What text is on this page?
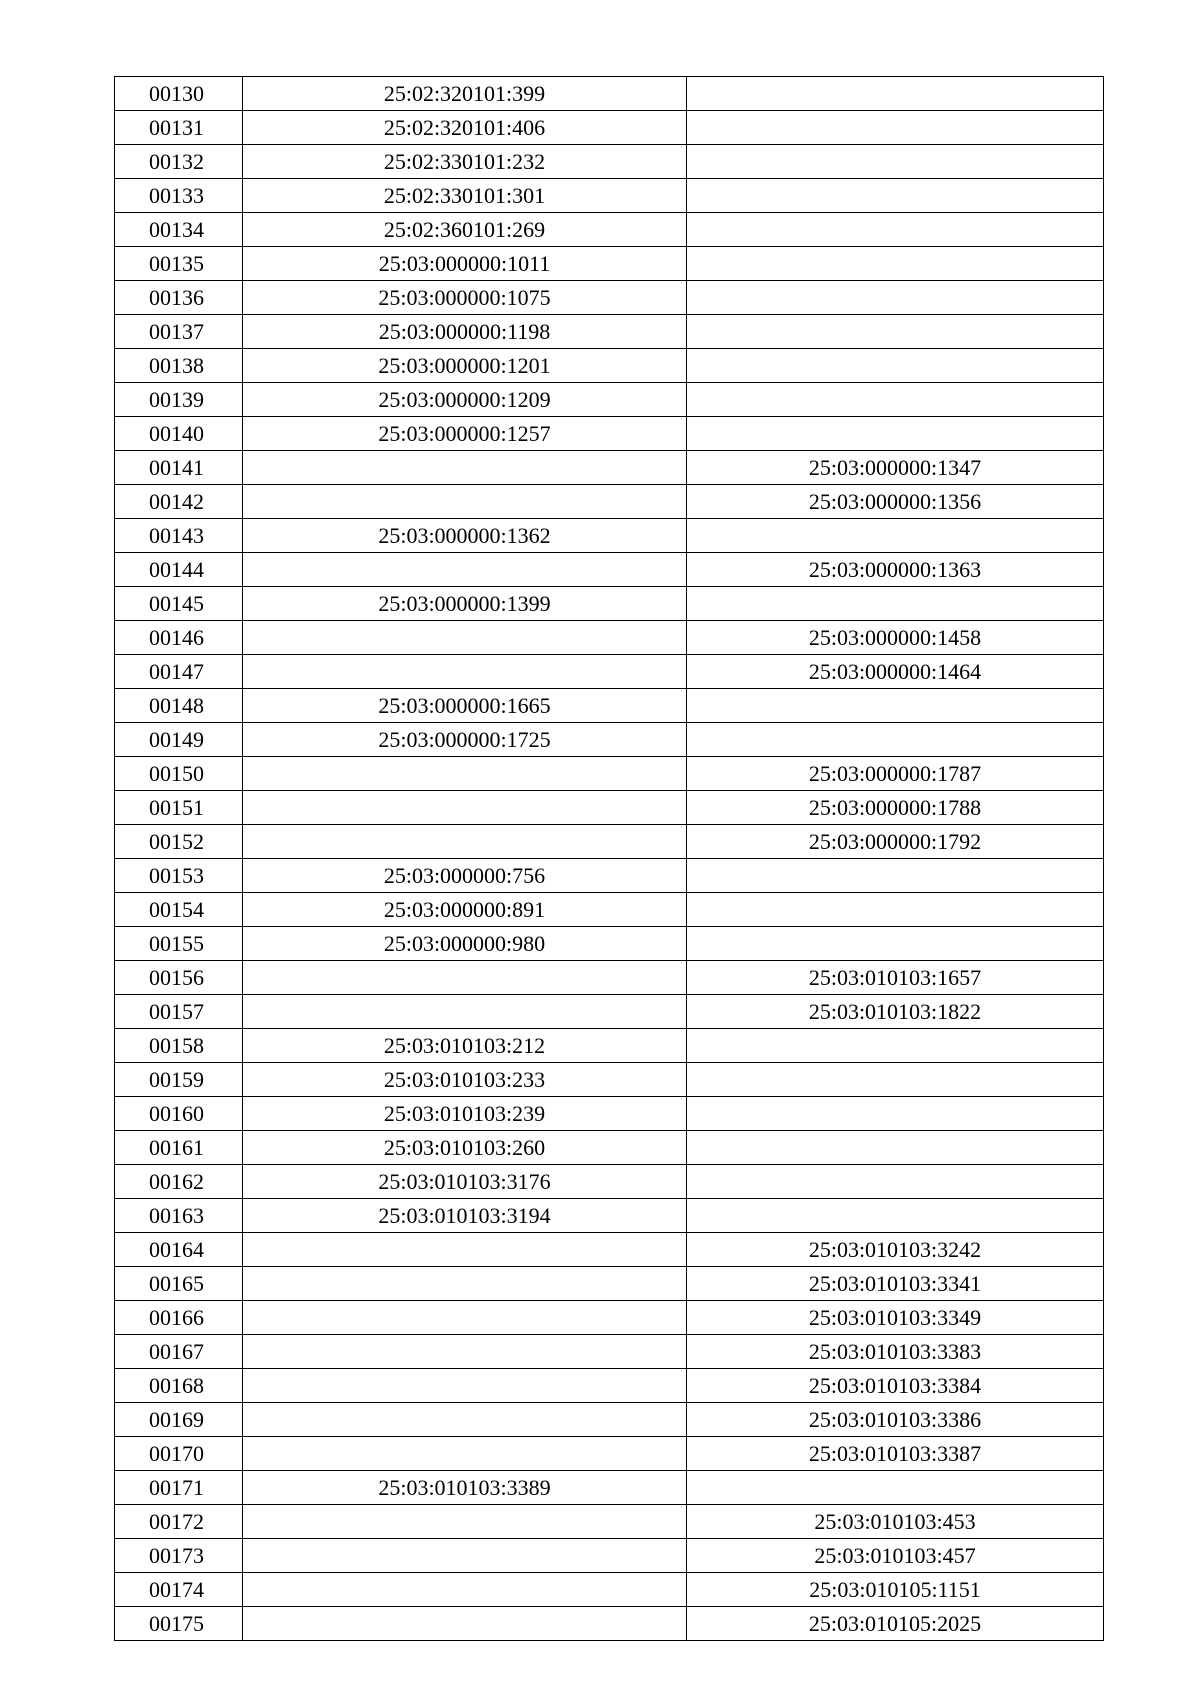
00130	25:02:320101:399	
00131	25:02:320101:406	
00132	25:02:330101:232	
00133	25:02:330101:301	
00134	25:02:360101:269	
00135	25:03:000000:1011	
00136	25:03:000000:1075	
00137	25:03:000000:1198	
00138	25:03:000000:1201	
00139	25:03:000000:1209	
00140	25:03:000000:1257	
00141		25:03:000000:1347
00142		25:03:000000:1356
00143	25:03:000000:1362	
00144		25:03:000000:1363
00145	25:03:000000:1399	
00146		25:03:000000:1458
00147		25:03:000000:1464
00148	25:03:000000:1665	
00149	25:03:000000:1725	
00150		25:03:000000:1787
00151		25:03:000000:1788
00152		25:03:000000:1792
00153	25:03:000000:756	
00154	25:03:000000:891	
00155	25:03:000000:980	
00156		25:03:010103:1657
00157		25:03:010103:1822
00158	25:03:010103:212	
00159	25:03:010103:233	
00160	25:03:010103:239	
00161	25:03:010103:260	
00162	25:03:010103:3176	
00163	25:03:010103:3194	
00164		25:03:010103:3242
00165		25:03:010103:3341
00166		25:03:010103:3349
00167		25:03:010103:3383
00168		25:03:010103:3384
00169		25:03:010103:3386
00170		25:03:010103:3387
00171	25:03:010103:3389	
00172		25:03:010103:453
00173		25:03:010103:457
00174		25:03:010105:1151
00175		25:03:010105:2025
